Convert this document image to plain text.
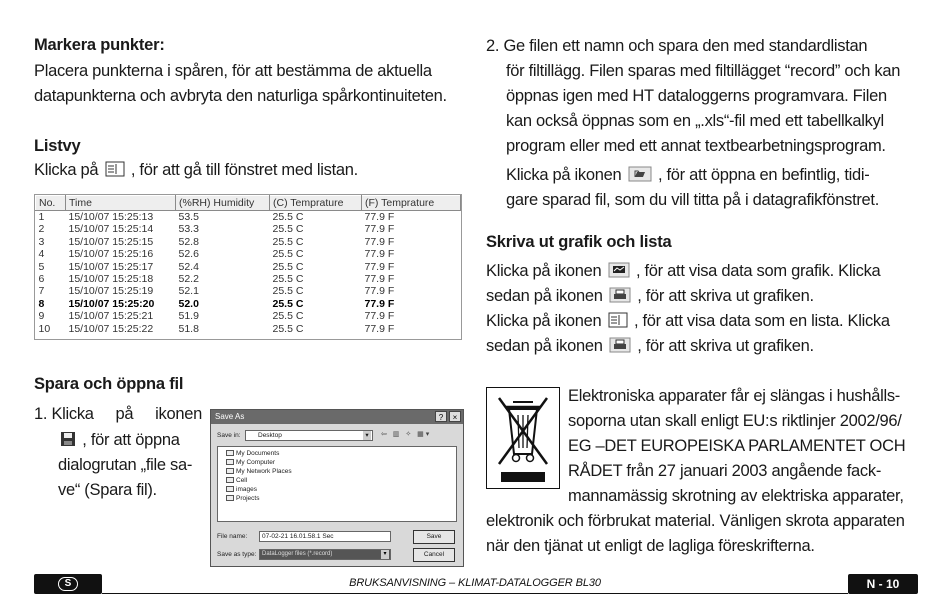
Markera punkter:
Placera punkterna i spåren, för att bestämma de aktuella
datapunkterna och avbryta den naturliga spårkontinuiteten.
Listvy
Klicka på , för att gå till fönstret med listan.
Spara och öppna fil
1. Klicka på ikonen
, för att öppna
dialogrutan „file sa-
ve“ (Spara fil).
No.	Time	(%RH) Humidity	(C) Temprature	(F) Temprature
1	15/10/07 15:25:13	53.5	25.5 C	77.9 F
2	15/10/07 15:25:14	53.3	25.5 C	77.9 F
3	15/10/07 15:25:15	52.8	25.5 C	77.9 F
4	15/10/07 15:25:16	52.6	25.5 C	77.9 F
5	15/10/07 15:25:17	52.4	25.5 C	77.9 F
6	15/10/07 15:25:18	52.2	25.5 C	77.9 F
7	15/10/07 15:25:19	52.1	25.5 C	77.9 F
8	15/10/07 15:25:20	52.0	25.5 C	77.9 F
9	15/10/07 15:25:21	51.9	25.5 C	77.9 F
10	15/10/07 15:25:22	51.8	25.5 C	77.9 F
Save As	?	×
Save in:	Desktop	▾	⇦ ▥ ✧ ▦▾
My Documents
My Computer
My Network Places
Cell
images
Projects
File name:	07-02-21 16.01.58.1 Sec
Save as type: DataLogger files (*.record)	▾
Save
Cancel
2. Ge filen ett namn och spara den med standardlistan
för filtillägg. Filen sparas med filtillägget “record” och kan
öppnas igen med HT dataloggerns programvara. Filen
kan också öppnas som en „.xls“-fil med ett tabellkalkyl
program eller med ett annat textbearbetningsprogram.
Klicka på ikonen , för att öppna en befintlig, tidi-
gare sparad fil, som du vill titta på i datagrafikfönstret.
Skriva ut grafik och lista
Klicka på ikonen , för att visa data som grafik. Klicka
sedan på ikonen , för att skriva ut grafiken.
Klicka på ikonen , för att visa data som en lista. Klicka
sedan på ikonen , för att skriva ut grafiken.
Elektroniska apparater får ej slängas i hushålls-
soporna utan skall enligt EU:s riktlinjer 2002/96/
EG –DET EUROPEISKA PARLAMENTET OCH
RÅDET från 27 januari 2003 angående fack-
mannamässig skrotning av elektriska apparater,
elektronik och förbrukat material. Vänligen skrota apparaten
när den tjänat ut enligt de lagliga föreskrifterna.
S	BRUKSANVISNING – KLIMAT-DATALOGGER BL30	N - 10
